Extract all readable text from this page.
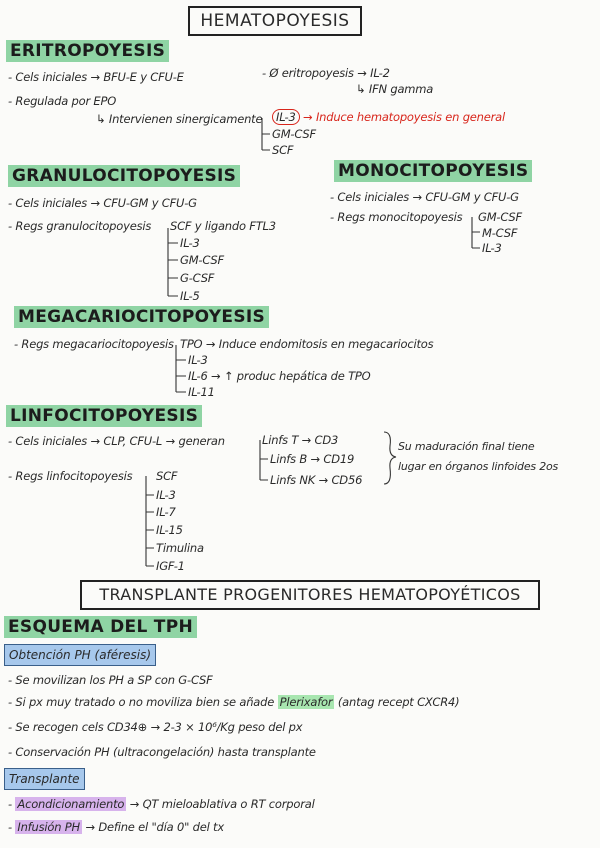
HEMATOPOYESIS
ERITROPOYESIS
- Cels iniciales → BFU-E y CFU-E
- Regulada por EPO
↳ Intervienen sinergicamente	IL-3 → Induce hematopoyesis en general
GM-CSF
SCF
- Ø eritropoyesis → IL-2
↳ IFN gamma
GRANULOCITOPOYESIS
- Cels iniciales → CFU-GM y CFU-G
- Regs granulocitopoyesis SCF y ligando FTL3
IL-3
GM-CSF
G-CSF
IL-5
MONOCITOPOYESIS
- Cels iniciales → CFU-GM y CFU-G
- Regs monocitopoyesis GM-CSF
M-CSF
IL-3
MEGACARIOCITOPOYESIS
- Regs megacariocitopoyesis TPO → Induce endomitosis en megacariocitos
IL-3
IL-6 → ↑ produc hepática de TPO
IL-11
LINFOCITOPOYESIS
- Cels iniciales → CLP, CFU-L → generan	Linfs T → CD3
Linfs B → CD19
Linfs NK → CD56
Su maduración final tiene
lugar en órganos linfoides 2os
- Regs linfocitopoyesis SCF
IL-3
IL-7
IL-15
Timulina
IGF-1
TRANSPLANTE PROGENITORES HEMATOPOYÉTICOS
ESQUEMA DEL TPH
Obtención PH (aféresis)
- Se movilizan los PH a SP con G-CSF
- Si px muy tratado o no moviliza bien se añade Plerixafor (antag recept CXCR4)
- Se recogen cels CD34⊕ → 2-3 × 10⁶/Kg peso del px
- Conservación PH (ultracongelación) hasta transplante
Transplante
- Acondicionamiento → QT mieloablativa o RT corporal
- Infusión PH → Define el "día 0" del tx
